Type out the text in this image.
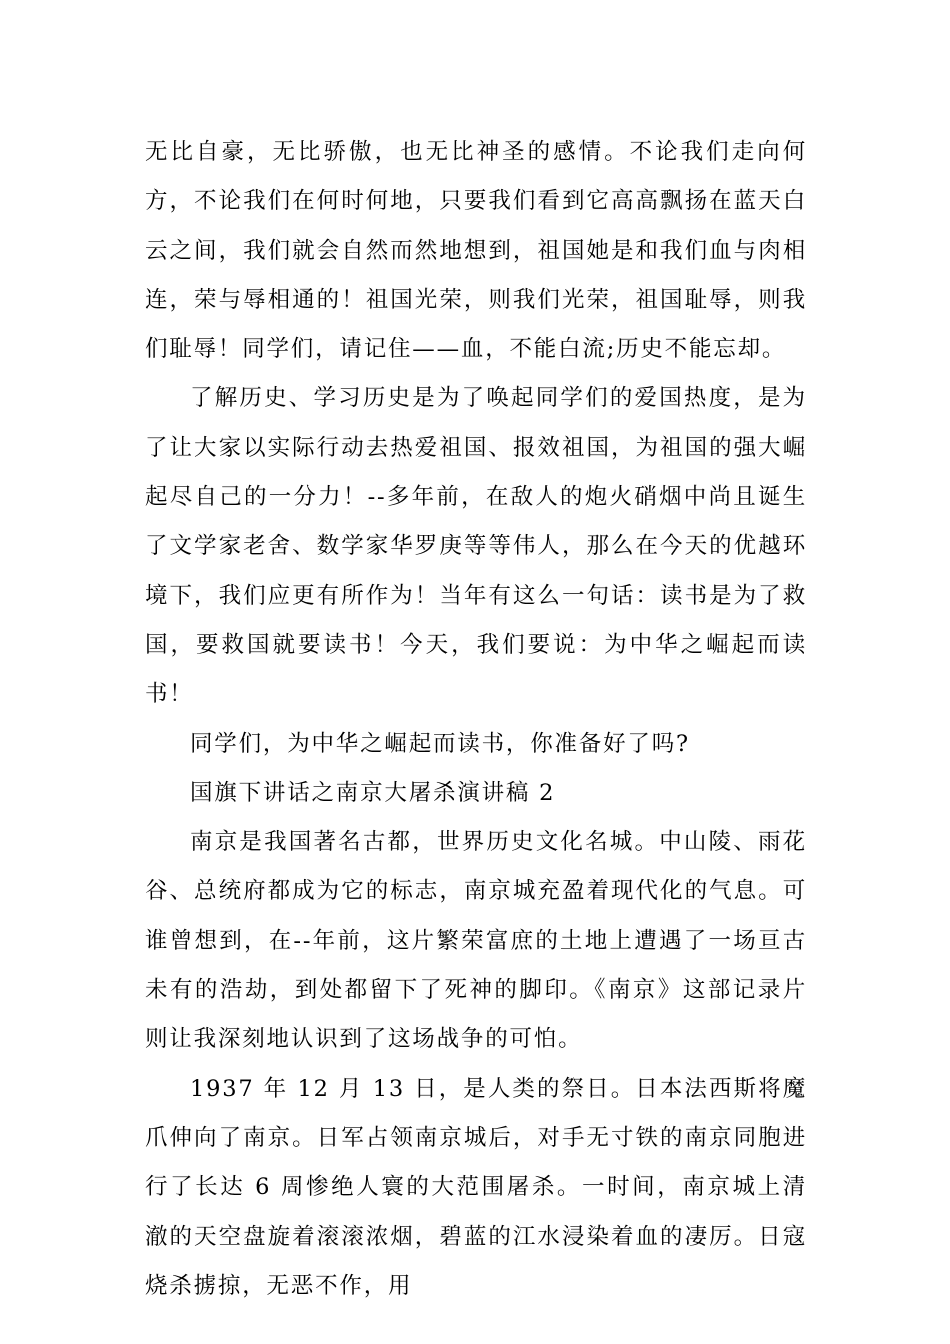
无比自豪，无比骄傲，也无比神圣的感情。不论我们走向何方，不论我们在何时何地，只要我们看到它高高飘扬在蓝天白云之间，我们就会自然而然地想到，祖国她是和我们血与肉相连，荣与辱相通的！祖国光荣，则我们光荣，祖国耻辱，则我们耻辱！同学们，请记住——血，不能白流;历史不能忘却。

了解历史、学习历史是为了唤起同学们的爱国热度，是为了让大家以实际行动去热爱祖国、报效祖国，为祖国的强大崛起尽自己的一分力！--多年前，在敌人的炮火硝烟中尚且诞生了文学家老舍、数学家华罗庚等等伟人，那么在今天的优越环境下，我们应更有所作为！当年有这么一句话：读书是为了救国，要救国就要读书！今天，我们要说：为中华之崛起而读书！

同学们，为中华之崛起而读书，你准备好了吗?

国旗下讲话之南京大屠杀演讲稿 2

南京是我国著名古都，世界历史文化名城。中山陵、雨花谷、总统府都成为它的标志，南京城充盈着现代化的气息。可谁曾想到，在--年前，这片繁荣富庶的土地上遭遇了一场亘古未有的浩劫，到处都留下了死神的脚印。《南京》这部记录片则让我深刻地认识到了这场战争的可怕。

1937 年 12 月 13 日，是人类的祭日。日本法西斯将魔爪伸向了南京。日军占领南京城后，对手无寸铁的南京同胞进行了长达 6 周惨绝人寰的大范围屠杀。一时间，南京城上清澈的天空盘旋着滚滚浓烟，碧蓝的江水浸染着血的凄厉。日寇烧杀掳掠，无恶不作，用
